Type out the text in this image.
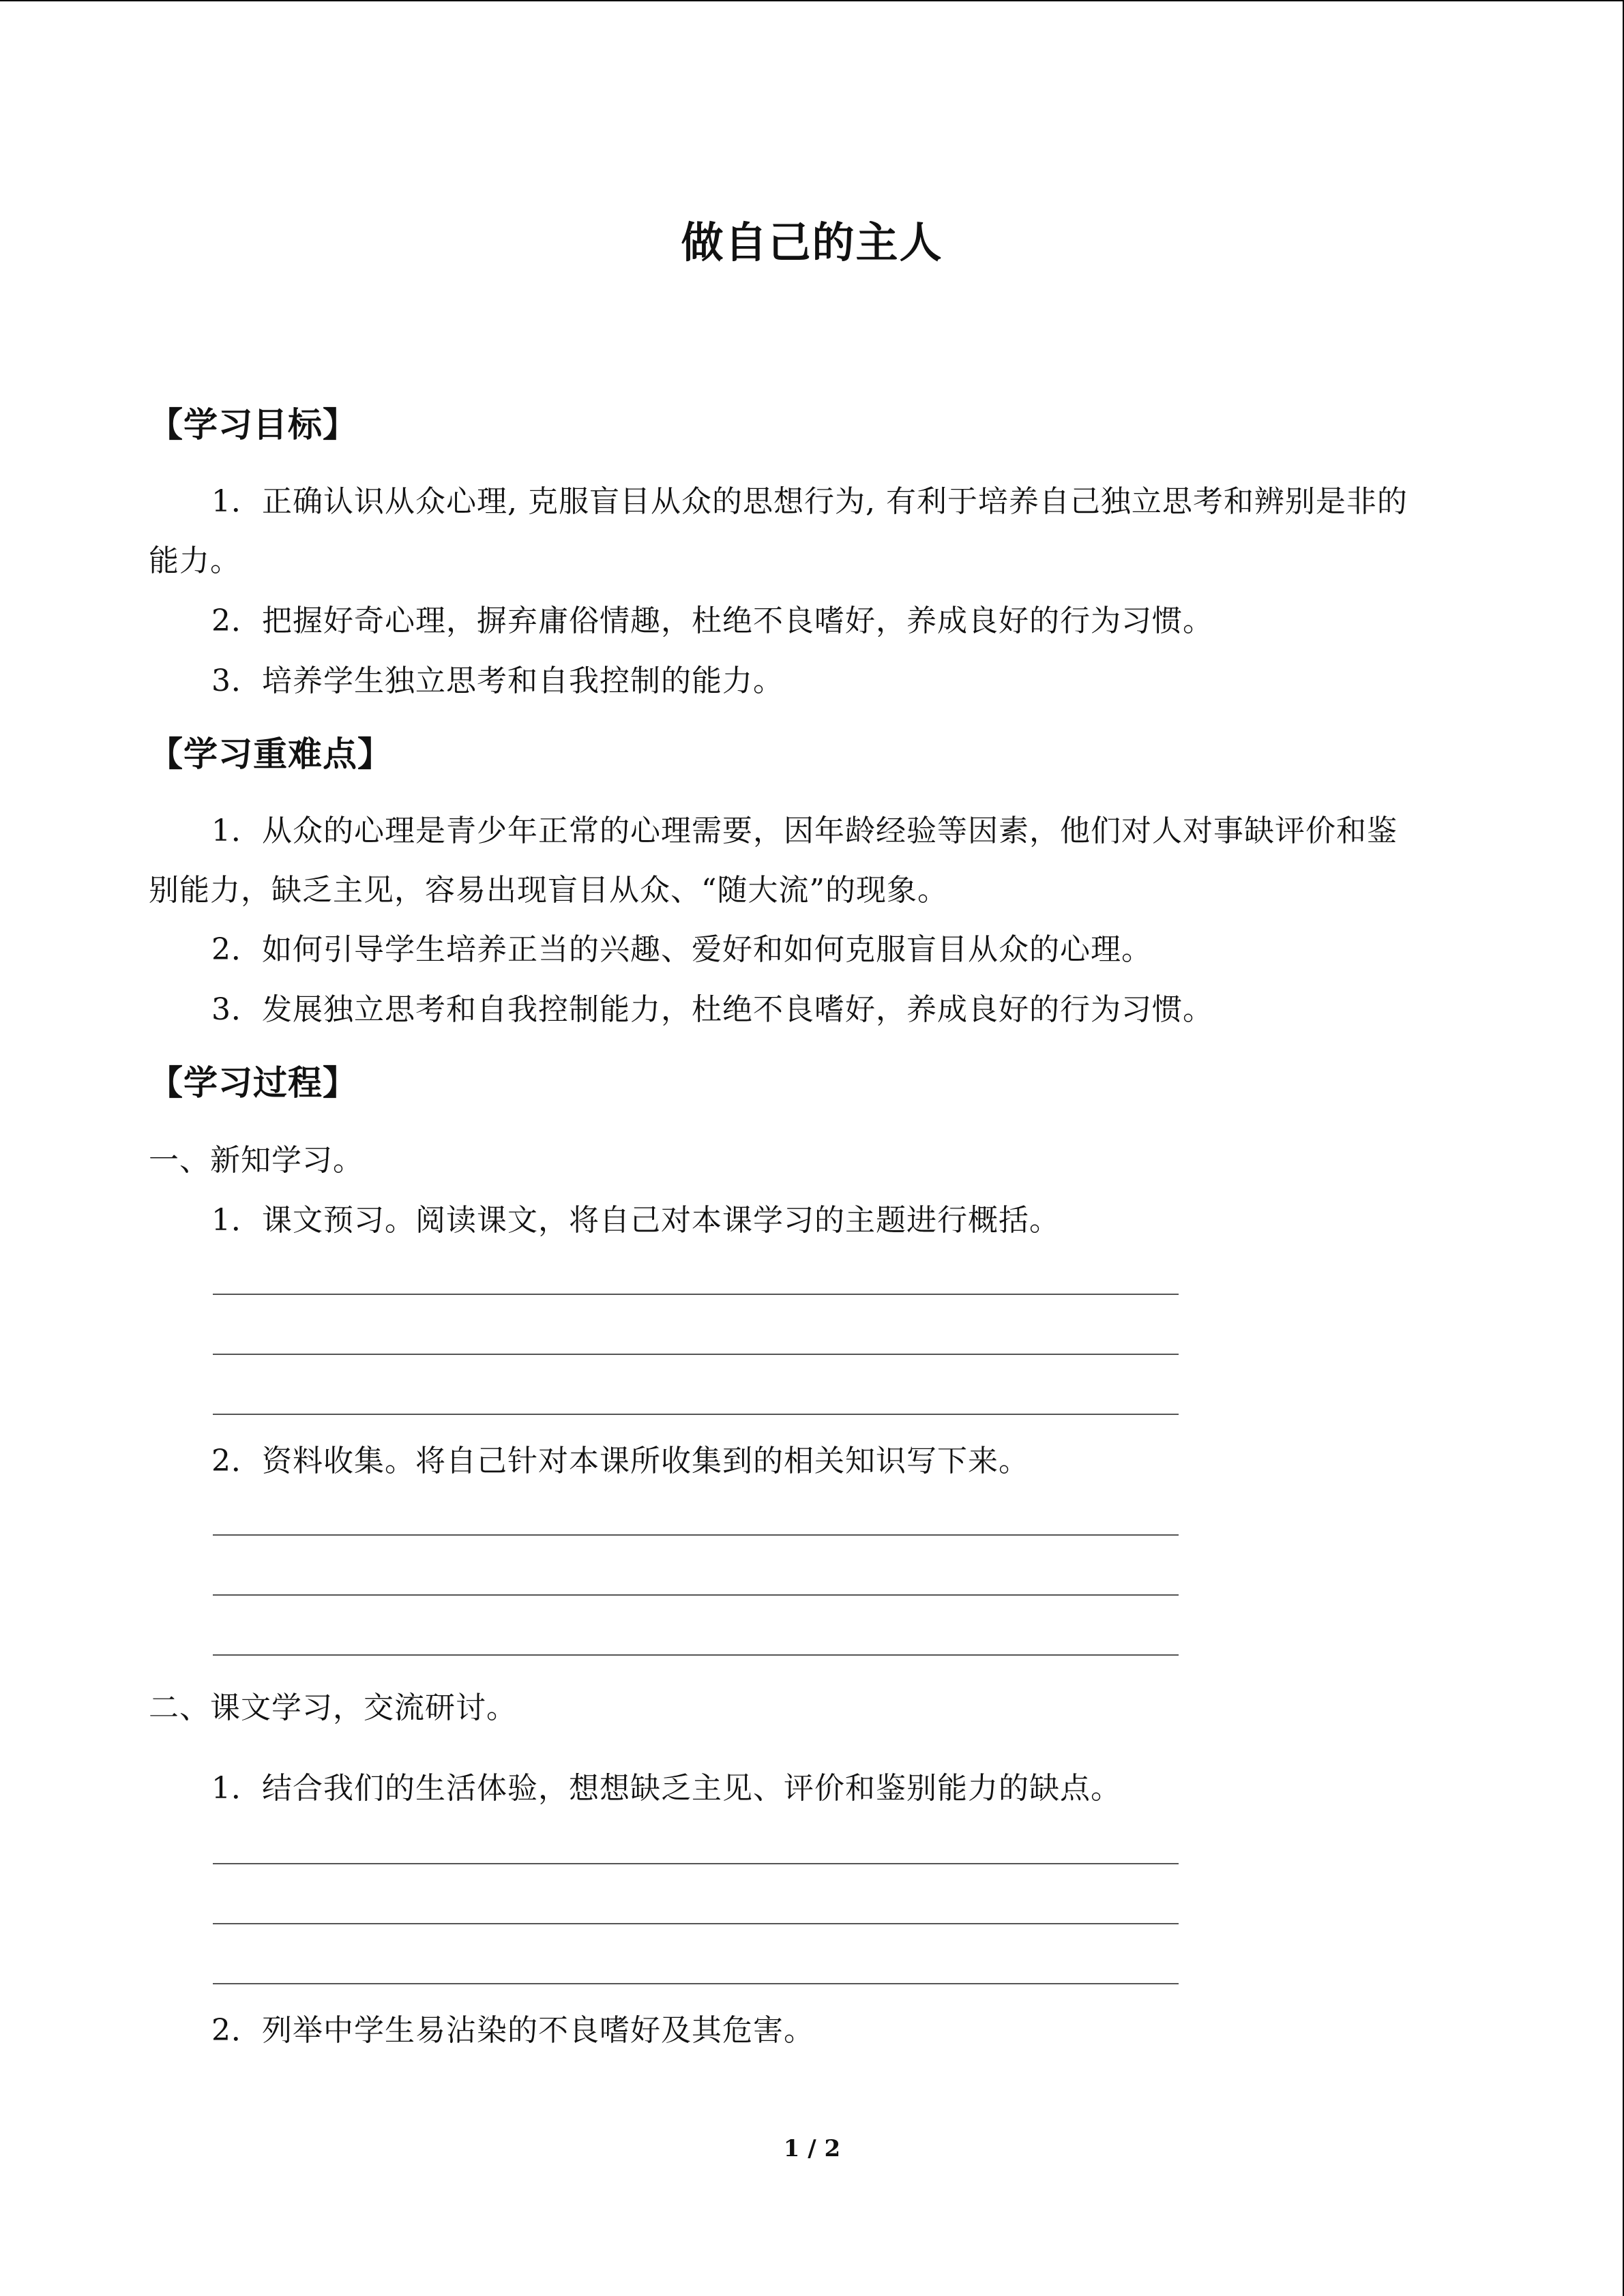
做自己的主人
【学习目标】
1．正确认识从众心理, 克服盲目从众的思想行为, 有利于培养自己独立思考和辨别是非的
能力。
2．把握好奇心理，摒弃庸俗情趣，杜绝不良嗜好，养成良好的行为习惯。
3．培养学生独立思考和自我控制的能力。
【学习重难点】
1．从众的心理是青少年正常的心理需要，因年龄经验等因素，他们对人对事缺评价和鉴
别能力，缺乏主见，容易出现盲目从众、“随大流”的现象。
2．如何引导学生培养正当的兴趣、爱好和如何克服盲目从众的心理。
3．发展独立思考和自我控制能力，杜绝不良嗜好，养成良好的行为习惯。
【学习过程】
一、新知学习。
1．课文预习。阅读课文，将自己对本课学习的主题进行概括。
2．资料收集。将自己针对本课所收集到的相关知识写下来。
二、课文学习，交流研讨。
1．结合我们的生活体验，想想缺乏主见、评价和鉴别能力的缺点。
2．列举中学生易沾染的不良嗜好及其危害。
1 / 2
